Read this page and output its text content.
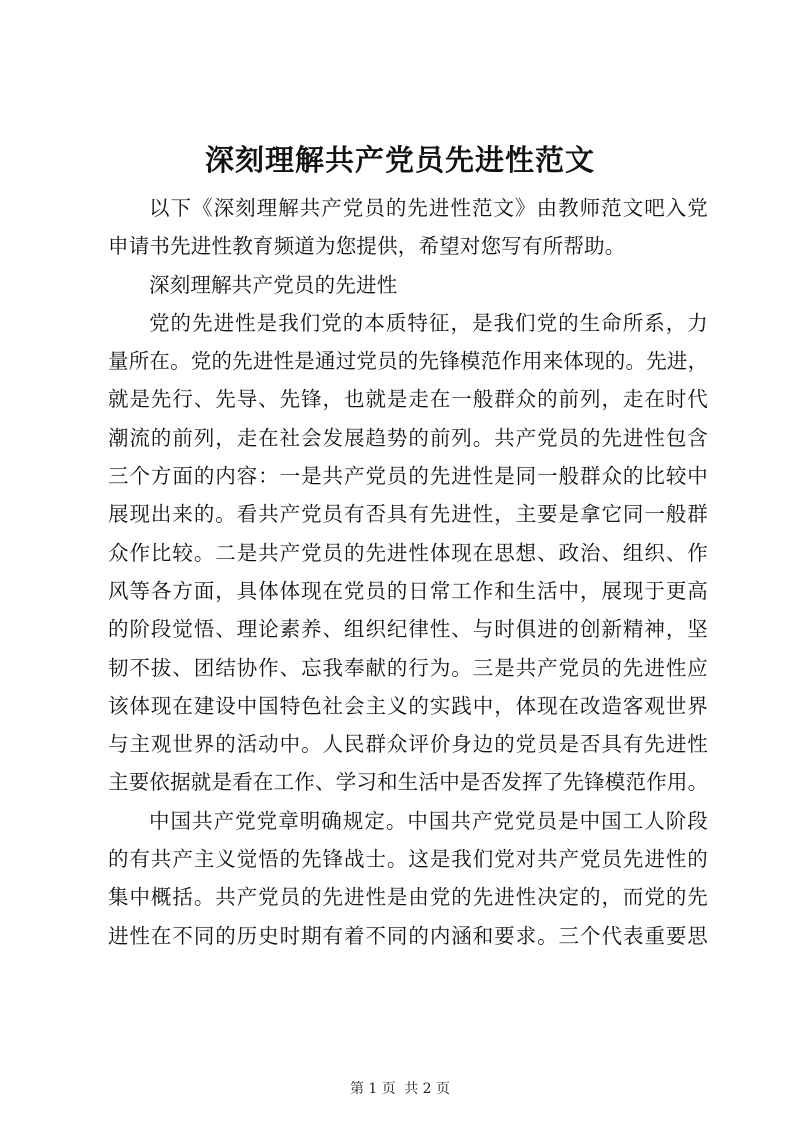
深刻理解共产党员先进性范文

以下《深刻理解共产党员的先进性范文》由教师范文吧入党
申请书先进性教育频道为您提供，希望对您写有所帮助。

深刻理解共产党员的先进性

党的先进性是我们党的本质特征，是我们党的生命所系，力
量所在。党的先进性是通过党员的先锋模范作用来体现的。先进，
就是先行、先导、先锋，也就是走在一般群众的前列，走在时代
潮流的前列，走在社会发展趋势的前列。共产党员的先进性包含
三个方面的内容：一是共产党员的先进性是同一般群众的比较中
展现出来的。看共产党员有否具有先进性，主要是拿它同一般群
众作比较。二是共产党员的先进性体现在思想、政治、组织、作
风等各方面，具体体现在党员的日常工作和生活中，展现于更高
的阶段觉悟、理论素养、组织纪律性、与时俱进的创新精神，坚
韧不拔、团结协作、忘我奉献的行为。三是共产党员的先进性应
该体现在建设中国特色社会主义的实践中，体现在改造客观世界
与主观世界的活动中。人民群众评价身边的党员是否具有先进性
主要依据就是看在工作、学习和生活中是否发挥了先锋模范作用。

中国共产党党章明确规定。中国共产党党员是中国工人阶段
的有共产主义觉悟的先锋战士。这是我们党对共产党员先进性的
集中概括。共产党员的先进性是由党的先进性决定的，而党的先
进性在不同的历史时期有着不同的内涵和要求。三个代表重要思

第 1 页 共 2 页
